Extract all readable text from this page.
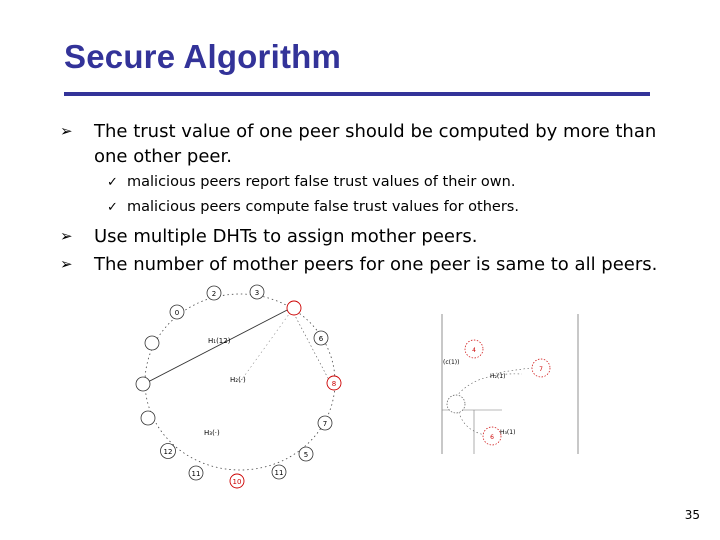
Secure Algorithm
➢ The trust value of one peer should be computed by more than
one other peer.
✓ malicious peers report false trust values of their own.
✓ malicious peers compute false trust values for others.
➢ Use multiple DHTs to assign mother peers.
➢ The number of mother peers for one peer is same to all peers.
2	3
6
8
7
5
11
10
11
12
0
H₁(12)
H₂(·)
H₃(·)
4
7
6
(c(1))
H₂(1)
H₃(1)
35
